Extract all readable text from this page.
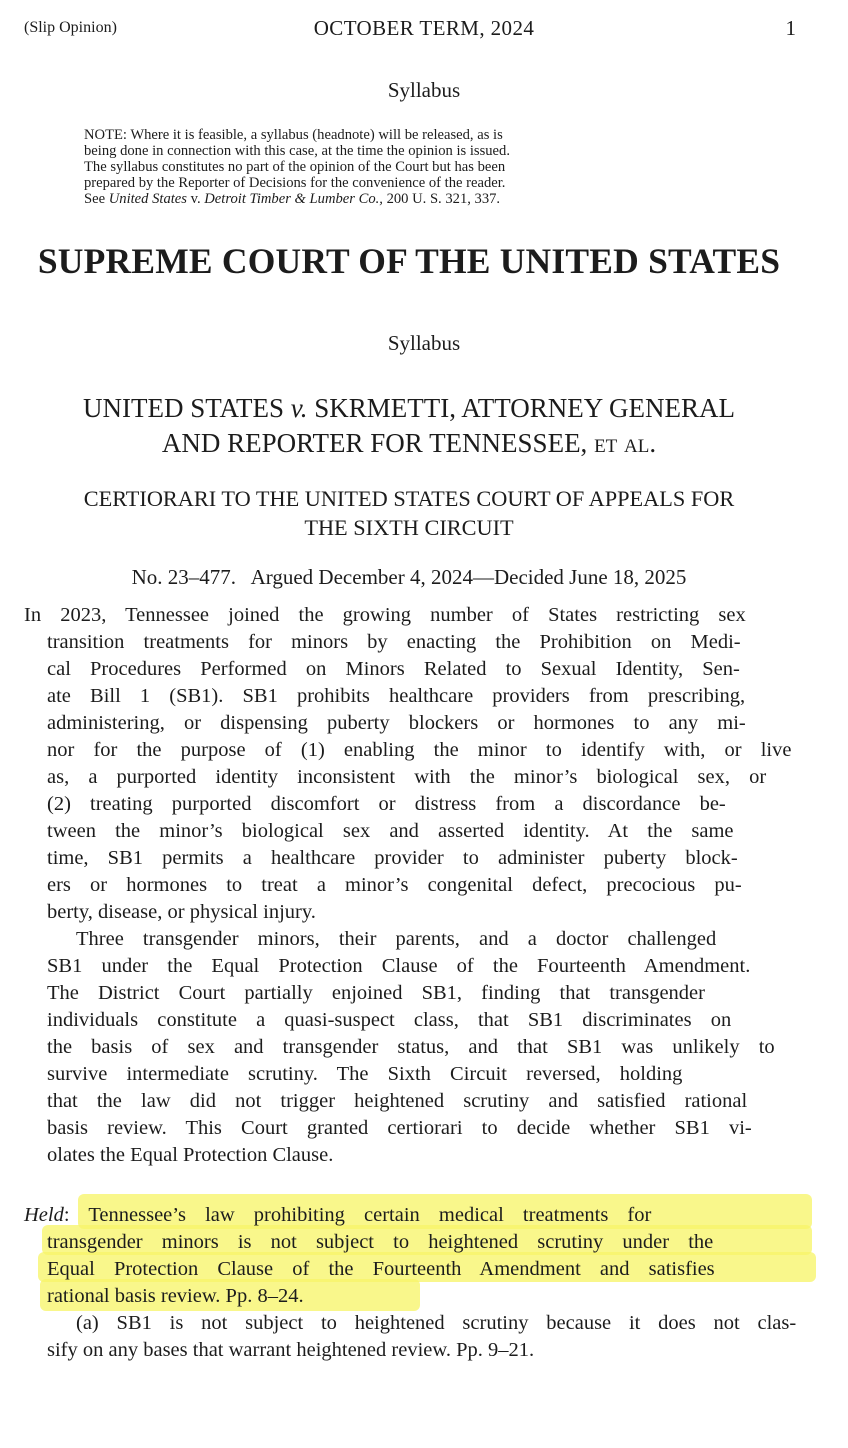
(Slip Opinion)	OCTOBER TERM, 2024	1
Syllabus
NOTE: Where it is feasible, a syllabus (headnote) will be released, as is
being done in connection with this case, at the time the opinion is issued.
The syllabus constitutes no part of the opinion of the Court but has been
prepared by the Reporter of Decisions for the convenience of the reader.
See United States v. Detroit Timber & Lumber Co., 200 U. S. 321, 337.
SUPREME COURT OF THE UNITED STATES
Syllabus
UNITED STATES v. SKRMETTI, ATTORNEY GENERAL
AND REPORTER FOR TENNESSEE, et al.
CERTIORARI TO THE UNITED STATES COURT OF APPEALS FOR
THE SIXTH CIRCUIT
No. 23–477.   Argued December 4, 2024—Decided June 18, 2025
In 2023, Tennessee joined the growing number of States restricting sex
transition treatments for minors by enacting the Prohibition on Medi-
cal Procedures Performed on Minors Related to Sexual Identity, Sen-
ate Bill 1 (SB1). SB1 prohibits healthcare providers from prescribing,
administering, or dispensing puberty blockers or hormones to any mi-
nor for the purpose of (1) enabling the minor to identify with, or live
as, a purported identity inconsistent with the minor’s biological sex, or
(2) treating purported discomfort or distress from a discordance be-
tween the minor’s biological sex and asserted identity. At the same
time, SB1 permits a healthcare provider to administer puberty block-
ers or hormones to treat a minor’s congenital defect, precocious pu-
berty, disease, or physical injury.
Three transgender minors, their parents, and a doctor challenged
SB1 under the Equal Protection Clause of the Fourteenth Amendment.
The District Court partially enjoined SB1, finding that transgender
individuals constitute a quasi-suspect class, that SB1 discriminates on
the basis of sex and transgender status, and that SB1 was unlikely to
survive intermediate scrutiny. The Sixth Circuit reversed, holding
that the law did not trigger heightened scrutiny and satisfied rational
basis review. This Court granted certiorari to decide whether SB1 vi-
olates the Equal Protection Clause.
Held: Tennessee’s law prohibiting certain medical treatments for
transgender minors is not subject to heightened scrutiny under the
Equal Protection Clause of the Fourteenth Amendment and satisfies
rational basis review. Pp. 8–24.
(a) SB1 is not subject to heightened scrutiny because it does not clas-
sify on any bases that warrant heightened review. Pp. 9–21.
